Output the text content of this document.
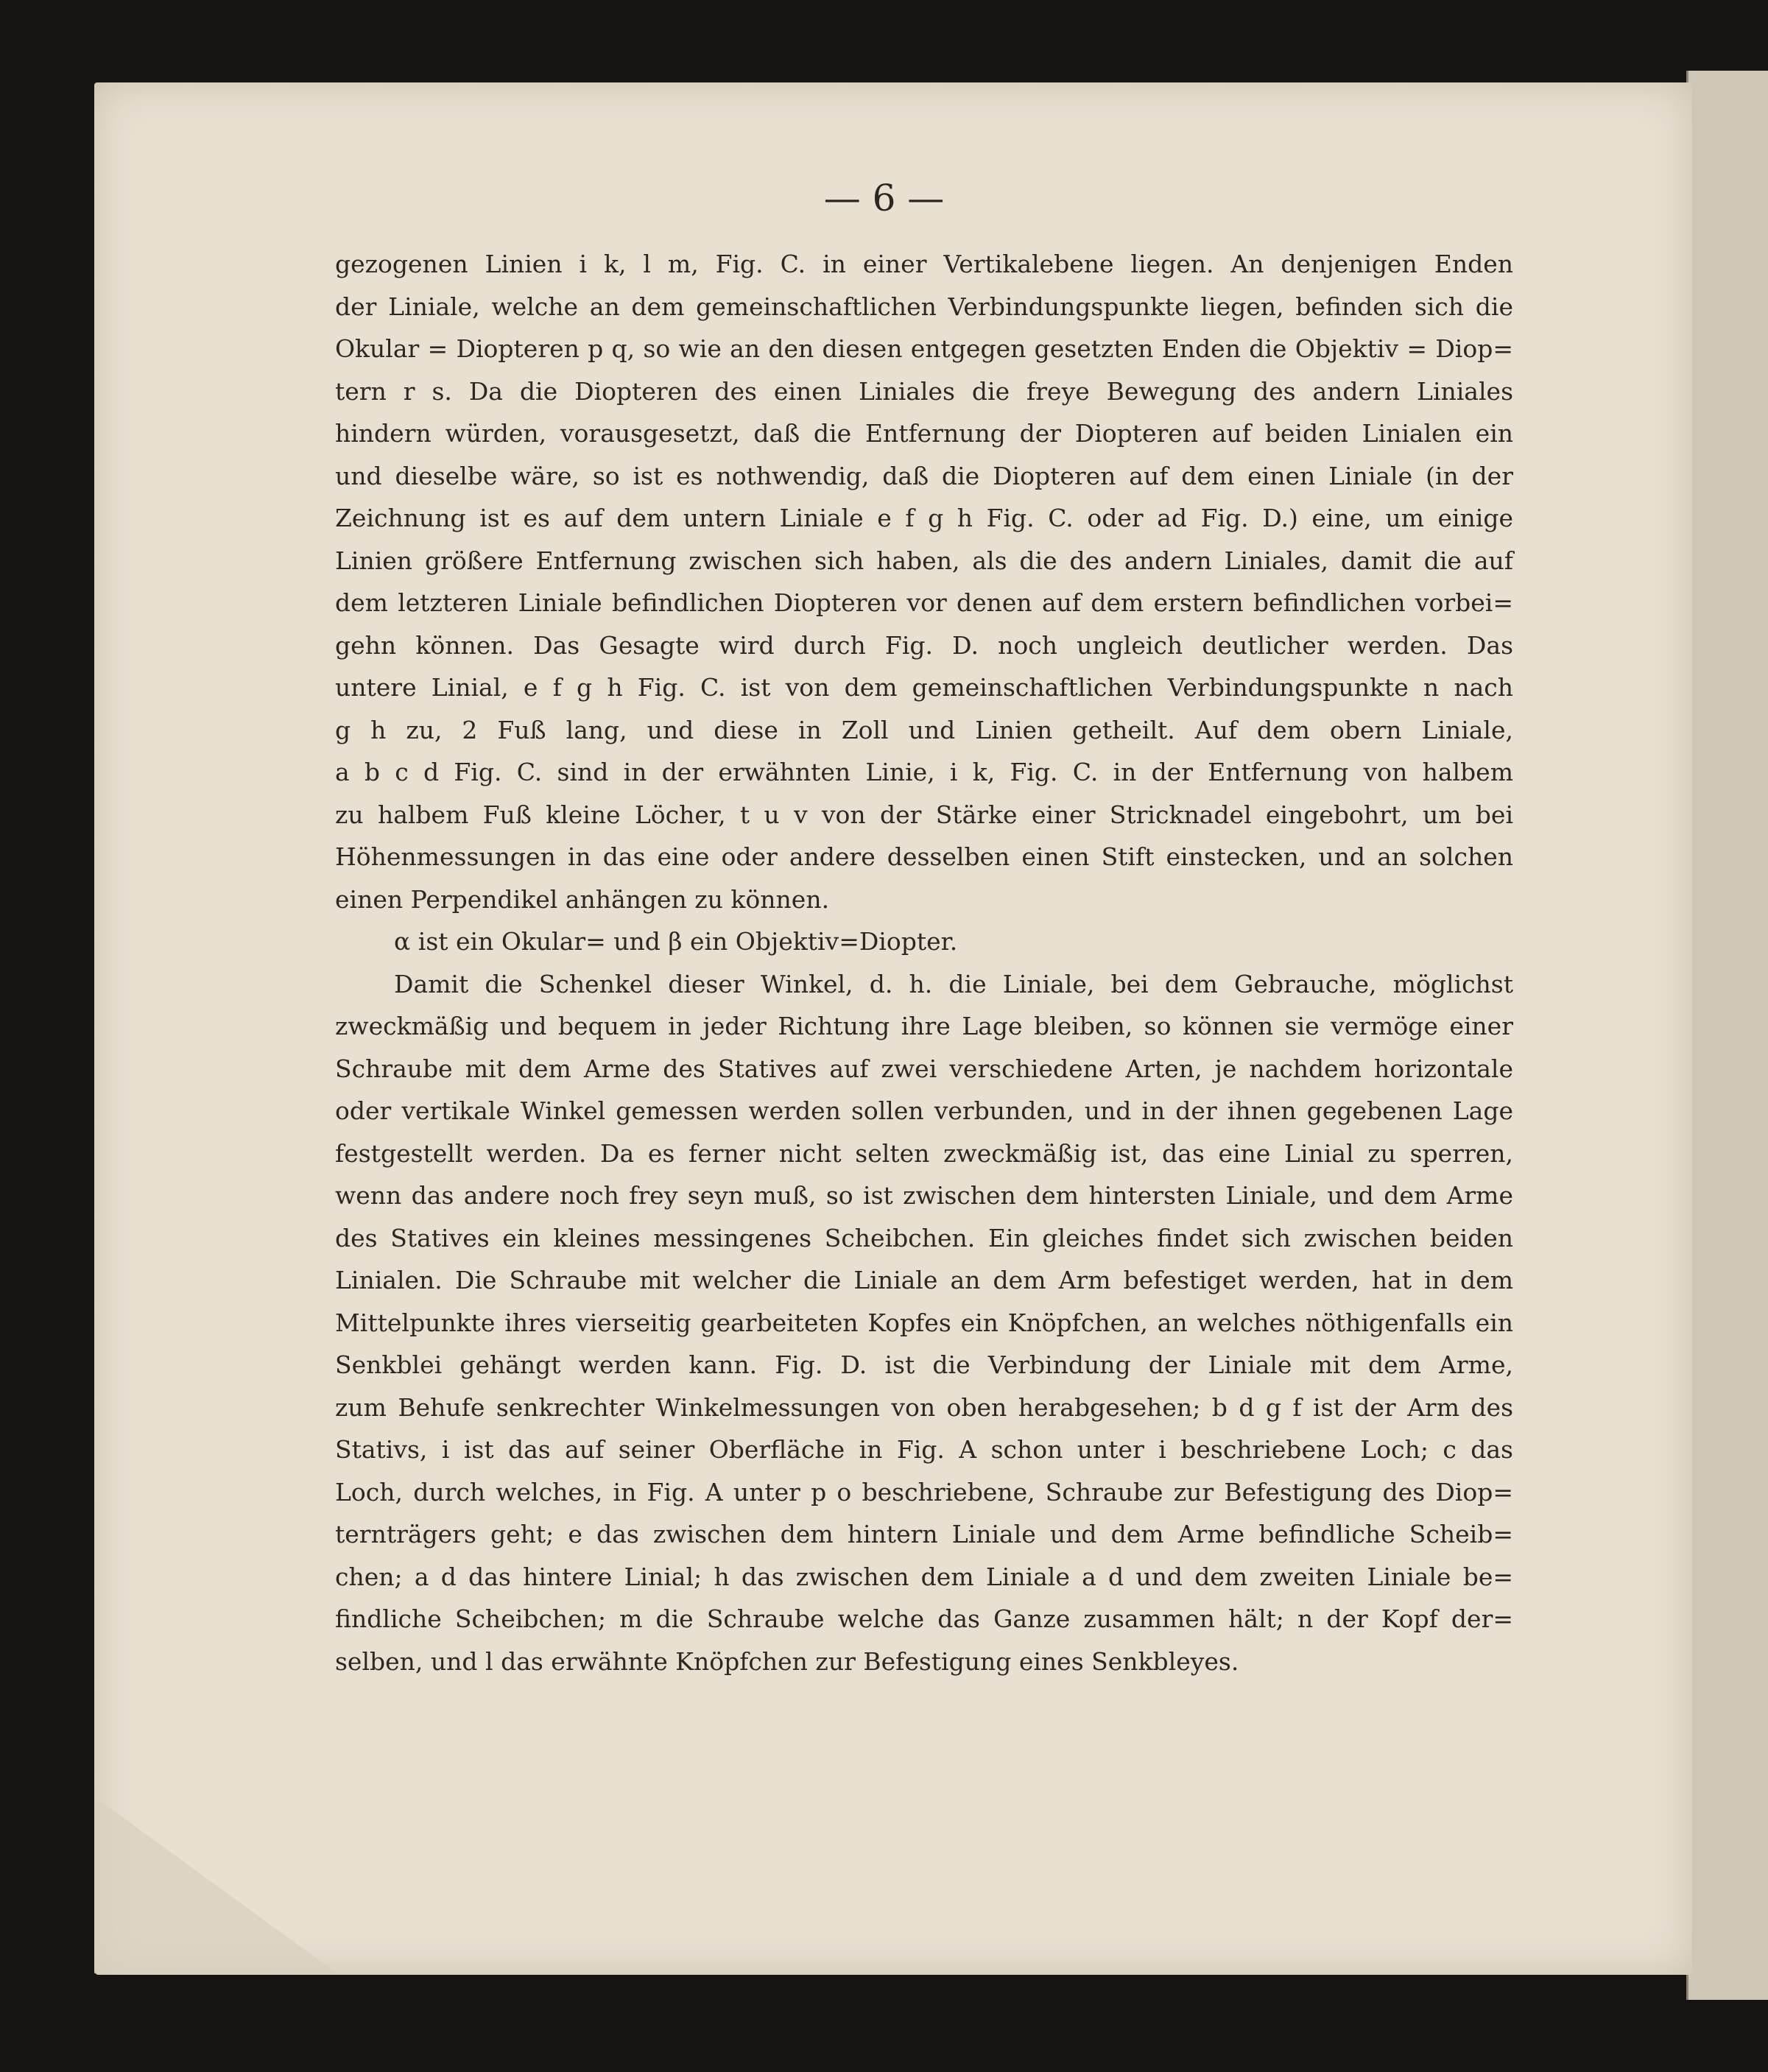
— 6 —
gezogenen Linien i k, l m, Fig. C. in einer Vertikalebene liegen. An denjenigen Enden
der Liniale, welche an dem gemeinschaftlichen Verbindungspunkte liegen, befinden sich die
Okular = Diopteren p q, so wie an den diesen entgegen gesetzten Enden die Objektiv = Diop=
tern r s. Da die Diopteren des einen Liniales die freye Bewegung des andern Liniales
hindern würden, vorausgesetzt, daß die Entfernung der Diopteren auf beiden Linialen ein
und dieselbe wäre, so ist es nothwendig, daß die Diopteren auf dem einen Liniale (in der
Zeichnung ist es auf dem untern Liniale e f g h Fig. C. oder ad Fig. D.) eine, um einige
Linien größere Entfernung zwischen sich haben, als die des andern Liniales, damit die auf
dem letzteren Liniale befindlichen Diopteren vor denen auf dem erstern befindlichen vorbei=
gehn können. Das Gesagte wird durch Fig. D. noch ungleich deutlicher werden. Das
untere Linial, e f g h Fig. C. ist von dem gemeinschaftlichen Verbindungspunkte n nach
g h zu, 2 Fuß lang, und diese in Zoll und Linien getheilt. Auf dem obern Liniale,
a b c d Fig. C. sind in der erwähnten Linie, i k, Fig. C. in der Entfernung von halbem
zu halbem Fuß kleine Löcher, t u v von der Stärke einer Stricknadel eingebohrt, um bei
Höhenmessungen in das eine oder andere desselben einen Stift einstecken, und an solchen
einen Perpendikel anhängen zu können.
α ist ein Okular= und β ein Objektiv=Diopter.
Damit die Schenkel dieser Winkel, d. h. die Liniale, bei dem Gebrauche, möglichst
zweckmäßig und bequem in jeder Richtung ihre Lage bleiben, so können sie vermöge einer
Schraube mit dem Arme des Statives auf zwei verschiedene Arten, je nachdem horizontale
oder vertikale Winkel gemessen werden sollen verbunden, und in der ihnen gegebenen Lage
festgestellt werden. Da es ferner nicht selten zweckmäßig ist, das eine Linial zu sperren,
wenn das andere noch frey seyn muß, so ist zwischen dem hintersten Liniale, und dem Arme
des Statives ein kleines messingenes Scheibchen. Ein gleiches findet sich zwischen beiden
Linialen. Die Schraube mit welcher die Liniale an dem Arm befestiget werden, hat in dem
Mittelpunkte ihres vierseitig gearbeiteten Kopfes ein Knöpfchen, an welches nöthigenfalls ein
Senkblei gehängt werden kann. Fig. D. ist die Verbindung der Liniale mit dem Arme,
zum Behufe senkrechter Winkelmessungen von oben herabgesehen; b d g f ist der Arm des
Stativs, i ist das auf seiner Oberfläche in Fig. A schon unter i beschriebene Loch; c das
Loch, durch welches, in Fig. A unter p o beschriebene, Schraube zur Befestigung des Diop=
ternträgers geht; e das zwischen dem hintern Liniale und dem Arme befindliche Scheib=
chen; a d das hintere Linial; h das zwischen dem Liniale a d und dem zweiten Liniale be=
findliche Scheibchen; m die Schraube welche das Ganze zusammen hält; n der Kopf der=
selben, und l das erwähnte Knöpfchen zur Befestigung eines Senkbleyes.
